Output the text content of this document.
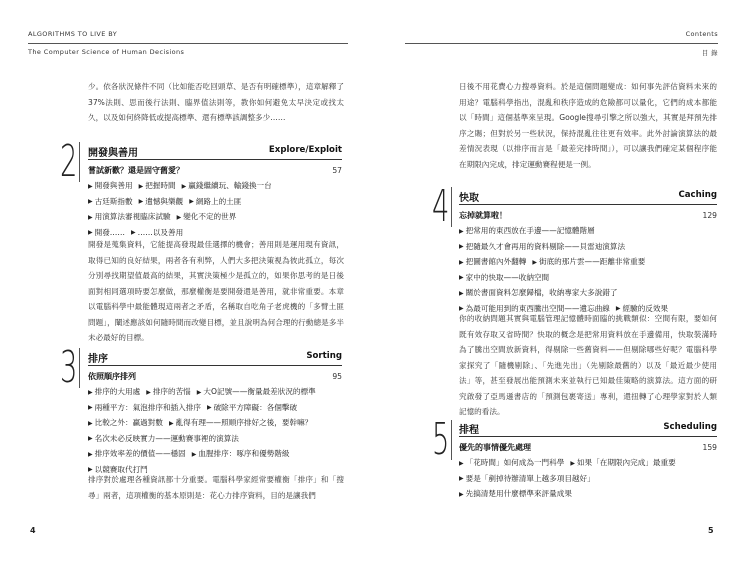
ALGORITHMS TO LIVE BY
The Computer Science of Human Decisions

少。依各狀況條件不同（比如能否吃回頭草、是否有明確標準），這章解釋了37%法則、思而後行法則、臨界值法則等，教你如何避免太早決定或找太久，以及如何終降低或提高標準、還有標準該調整多少……

2 開發與善用	Explore/Exploit
嘗試新歡？還是固守舊愛？	57
▶ 開發與善用 ▶ 把握時間 ▶ 贏錢繼續玩、輸錢換一台
▶ 古廷斯指數 ▶ 遺憾與樂觀 ▶ 網路上的土匪
▶ 用演算法審視臨床試驗 ▶ 變化不定的世界
▶ 開發…… ▶ ……以及善用

開發是蒐集資料，它能提高發現最佳選擇的機會；善用則是運用現有資訊，取得已知的良好結果，兩者各有利弊，人們大多把決策視為彼此孤立，每次分別尋找期望值最高的結果，其實決策極少是孤立的，如果你思考的是日後面對相同選項時要怎麼做，那麼權衡是要開發還是善用，就非常重要。本章以電腦科學中最能體現這兩者之矛盾，名稱取自吃角子老虎機的「多臂土匪問題」，闡述應該如何隨時間而改變目標，並且說明為何合理的行動總是多半未必最好的目標。

3 排序	Sorting
依照順序排列	95
▶ 排序的大用處 ▶ 排序的苦惱 ▶ 大O記號——衡量最差狀況的標準
▶ 兩種平方：氣泡排序和插入排序 ▶ 破除平方障礙：各個擊破
▶ 比較之外：贏過對數 ▶ 亂得有理——照順序排好之後，要幹嘛？
▶ 名次未必反映實力——運動賽事裡的演算法
▶ 排序效率差的價值——穩固 ▶ 血腥排序：啄序和優勢階級
▶ 以競賽取代打鬥

排序對於處理各種資訊都十分重要。電腦科學家經常要權衡「排序」和「搜尋」兩者，這項權衡的基本原則是：花心力排序資料，目的是讓我們

4
Contents
目 錄

日後不用花費心力搜尋資料。於是這個問題變成：如何事先評估資料未來的用途？電腦科學指出，混亂和秩序造成的危險都可以量化，它們的成本都能以「時間」這個基準來呈現。Google搜尋引擎之所以強大，其實是拜預先排序之賜；但對於另一些狀況，保持混亂往往更有效率。此外討論演算法的最差情況表現（以排序而言是「最差完排時間」），可以讓我們確定某個程序能在期限內完成，排定運動賽程便是一例。

4 快取	Caching
忘掉就算啦！	129
▶ 把常用的東西放在手邊——記憶體階層
▶ 把隨最久才會再用的資料剔除——貝雷迪演算法
▶ 把圖書館內外翻轉 ▶ 街底的那片雲——距離非常重要
▶ 家中的快取——收納空間
▶ 關於書面資料怎麼歸檔，收納專家大多說錯了
▶ 為最可能用到的東西騰出空間——遺忘曲線 ▶ 經驗的反效果

你的收納問題其實與電腦管理記憶體時面臨的挑戰類似：空間有限，要如何既有效存取又省時間？快取的概念是把常用資料放在手邊備用，快取裝滿時為了騰出空間放新資料，得剔除一些舊資料——但剔除哪些好呢？電腦科學家探究了「隨機剔除」、「先進先出」（先剔除最舊的）以及「最近最少使用法」等，甚至發展出能預測未來並執行已知最佳策略的演算法。這方面的研究啟發了亞馬遜書店的「預測包裹寄送」專利，還扭轉了心理學家對於人類記憶的看法。

5 排程	Scheduling
優先的事情優先處理	159
▶ 「花時間」如何成為一門科學 ▶ 如果「在期限內完成」最重要
▶ 要是「剷掉待辦清單上越多項目越好」
▶ 先搞清楚用什麼標準來評量成果
5
